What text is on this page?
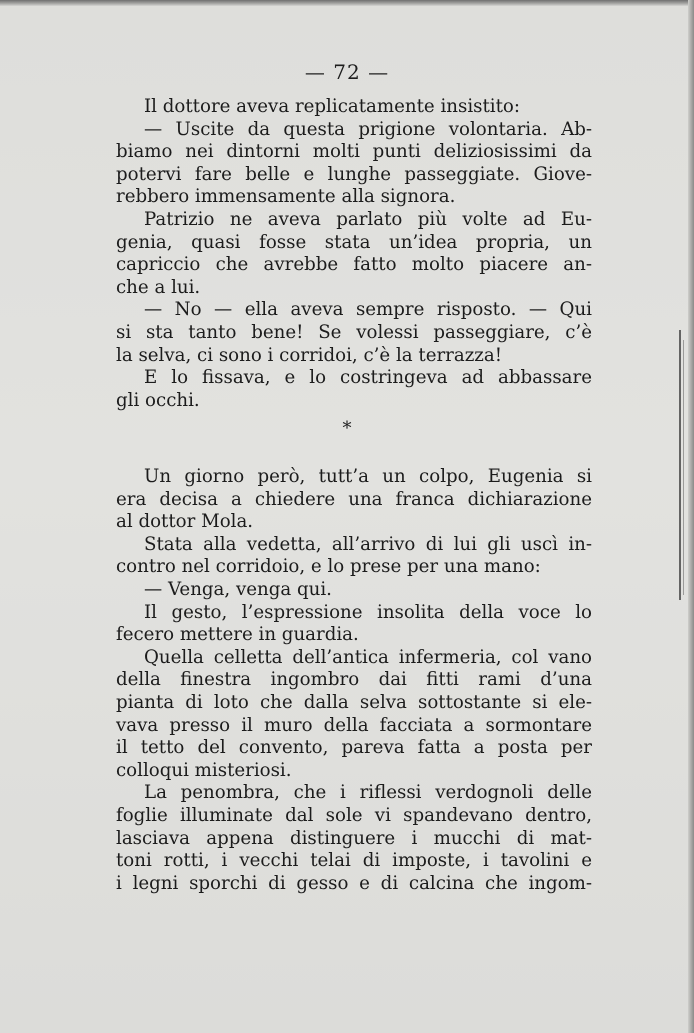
— 72 —
Il dottore aveva replicatamente insistito:
— Uscite da questa prigione volontaria. Ab-
biamo nei dintorni molti punti deliziosissimi da
potervi fare belle e lunghe passeggiate. Giove-
rebbero immensamente alla signora.
Patrizio ne aveva parlato più volte ad Eu-
genia, quasi fosse stata un’idea propria, un
capriccio che avrebbe fatto molto piacere an-
che a lui.
— No — ella aveva sempre risposto. — Qui
si sta tanto bene! Se volessi passeggiare, c’è
la selva, ci sono i corridoi, c’è la terrazza!
E lo fissava, e lo costringeva ad abbassare
gli occhi.
*
Un giorno però, tutt’a un colpo, Eugenia si
era decisa a chiedere una franca dichiarazione
al dottor Mola.
Stata alla vedetta, all’arrivo di lui gli uscì in-
contro nel corridoio, e lo prese per una mano:
— Venga, venga qui.
Il gesto, l’espressione insolita della voce lo
fecero mettere in guardia.
Quella celletta dell’antica infermeria, col vano
della finestra ingombro dai fitti rami d’una
pianta di loto che dalla selva sottostante si ele-
vava presso il muro della facciata a sormontare
il tetto del convento, pareva fatta a posta per
colloqui misteriosi.
La penombra, che i riflessi verdognoli delle
foglie illuminate dal sole vi spandevano dentro,
lasciava appena distinguere i mucchi di mat-
toni rotti, i vecchi telai di imposte, i tavolini e
i legni sporchi di gesso e di calcina che ingom-
